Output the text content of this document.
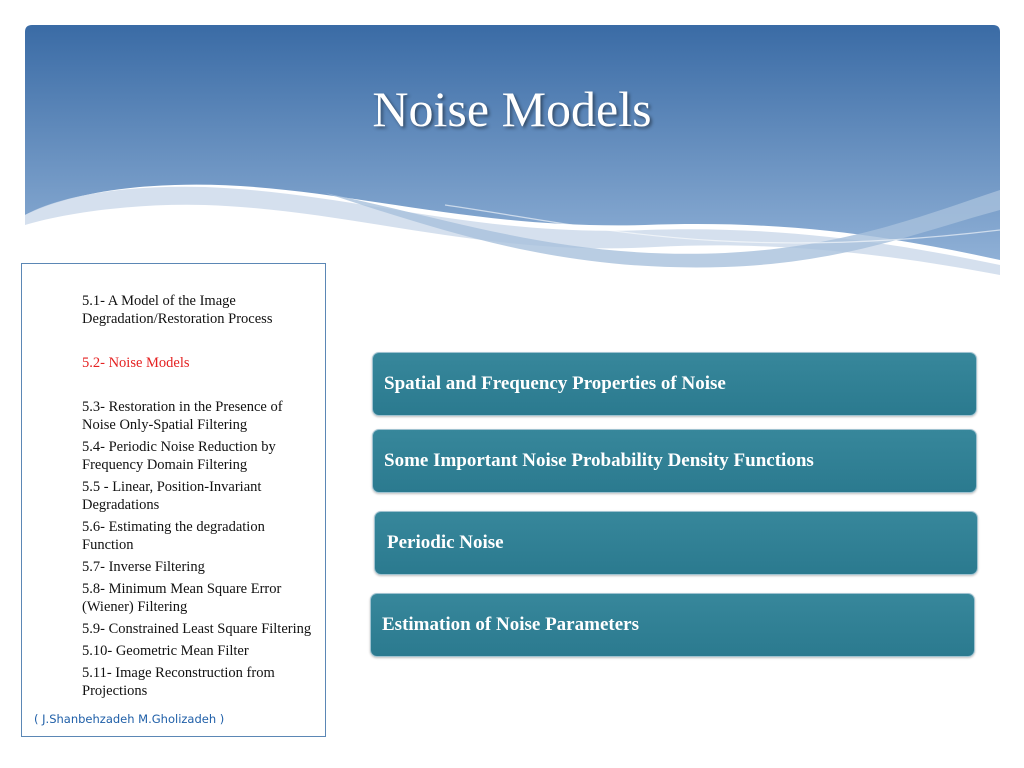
Noise Models
5.1- A Model of the Image Degradation/Restoration Process
5.2- Noise Models
5.3- Restoration in the Presence of Noise Only-Spatial Filtering
5.4- Periodic Noise Reduction by Frequency Domain Filtering
5.5 - Linear, Position-Invariant Degradations
5.6- Estimating the degradation Function
5.7- Inverse Filtering
5.8- Minimum Mean Square Error (Wiener) Filtering
5.9- Constrained Least Square Filtering
5.10- Geometric Mean Filter
5.11- Image Reconstruction from Projections
( J.Shanbehzadeh M.Gholizadeh )
Spatial and Frequency Properties of Noise
Some Important Noise Probability Density Functions
Periodic Noise
Estimation of Noise Parameters
